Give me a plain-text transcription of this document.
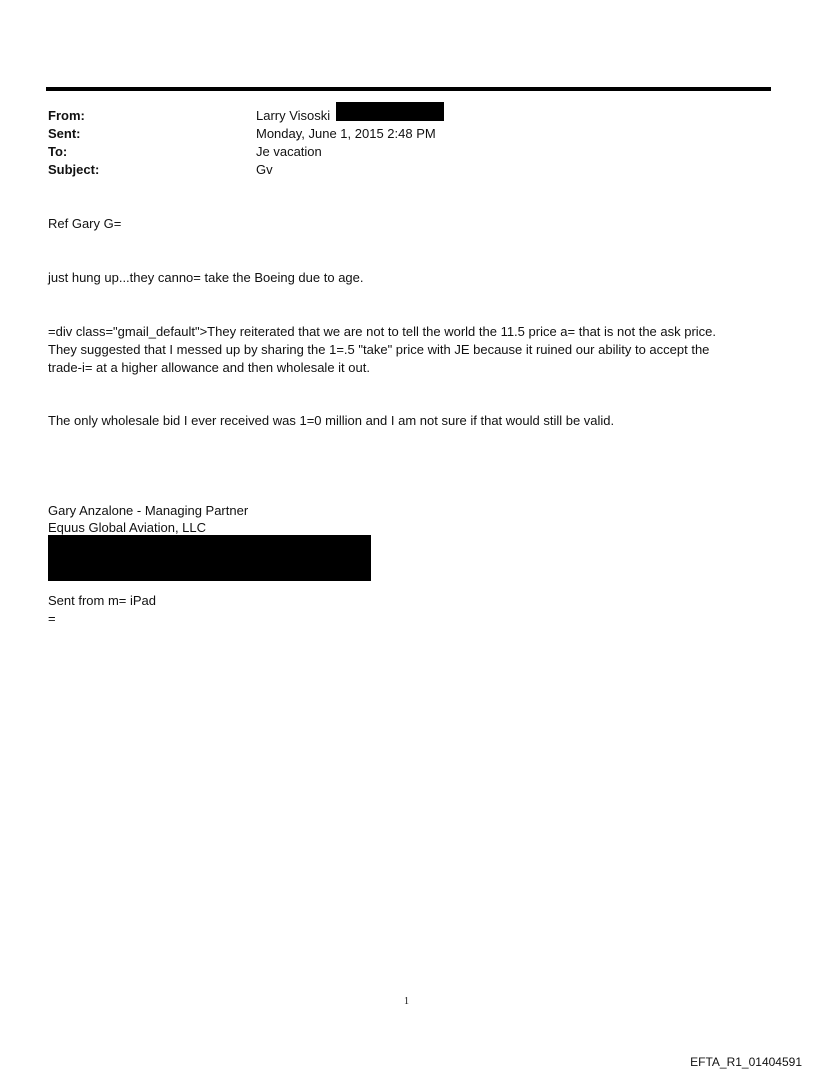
From:	Larry Visoski
Sent:	Monday, June 1, 2015 2:48 PM
To:	Je vacation
Subject:	Gv
Ref Gary G=
just hung up...they canno= take the Boeing due to age.
=div class="gmail_default">They reiterated that we are not to tell the world the 11.5 price a= that is not the ask price.
They suggested that I messed up by sharing the 1=.5 "take" price with JE because it ruined our ability to accept the
trade-i= at a higher allowance and then wholesale it out.
The only wholesale bid I ever received was 1=0 million and I am not sure if that would still be valid.
Gary Anzalone - Managing Partner
Equus Global Aviation, LLC
Sent from m= iPad
=
1
EFTA_R1_01404591
